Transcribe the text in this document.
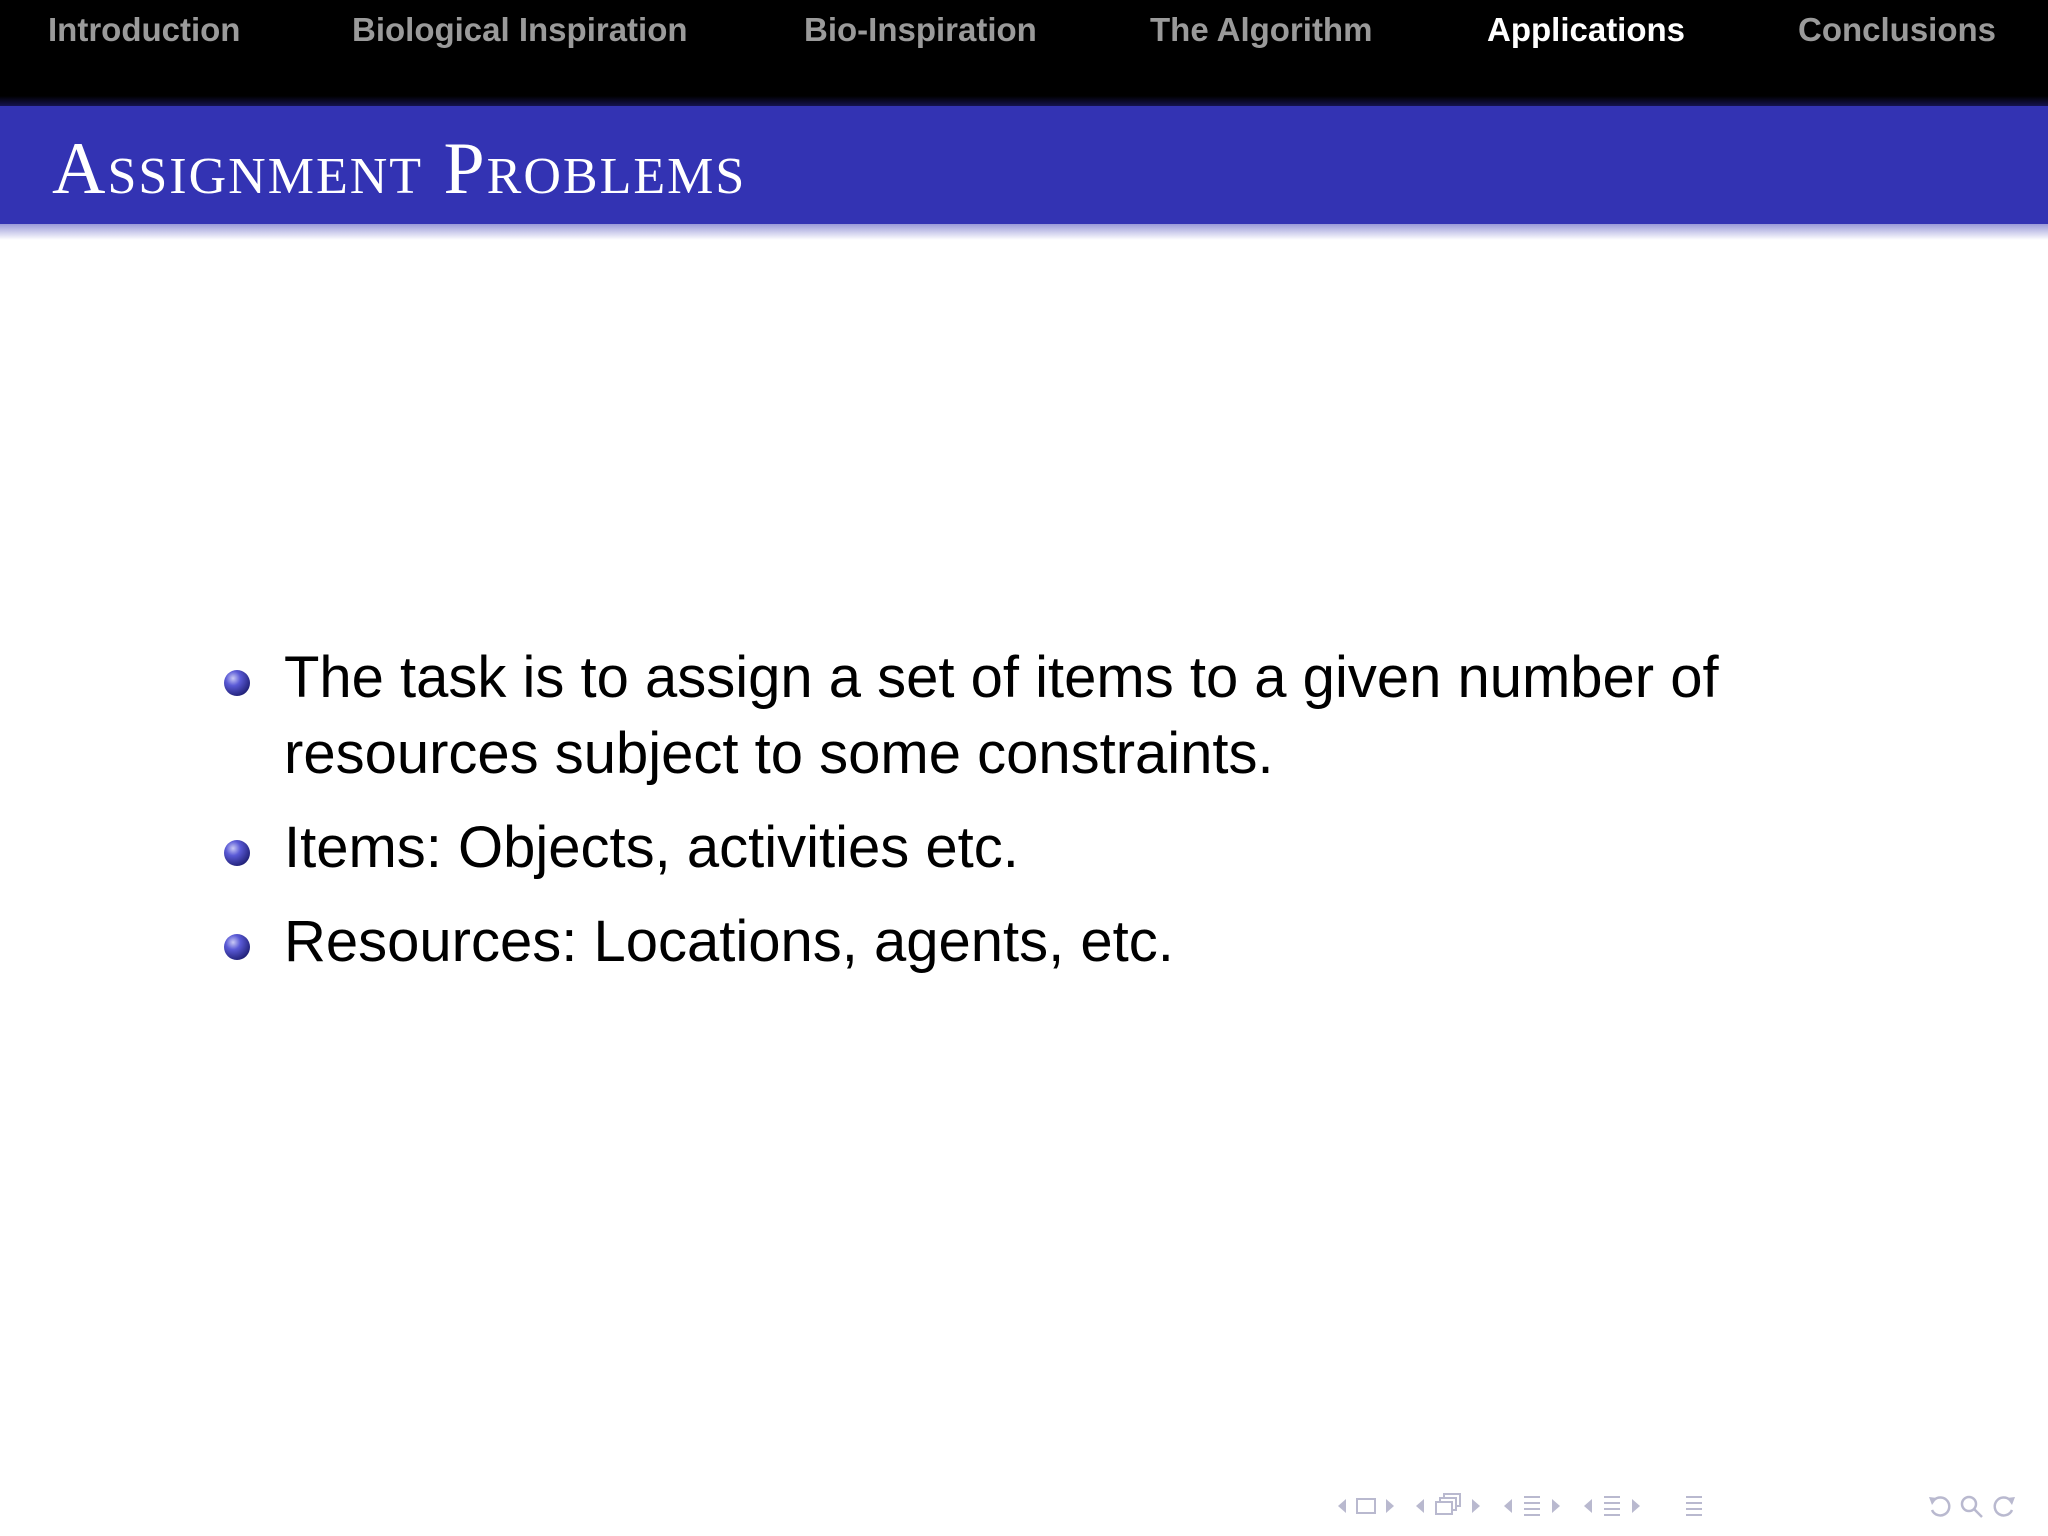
Introduction	Biological Inspiration	Bio-Inspiration	The Algorithm	Applications	Conclusions
Assignment Problems
The task is to assign a set of items to a given number of resources subject to some constraints.
Items: Objects, activities etc.
Resources: Locations, agents, etc.
